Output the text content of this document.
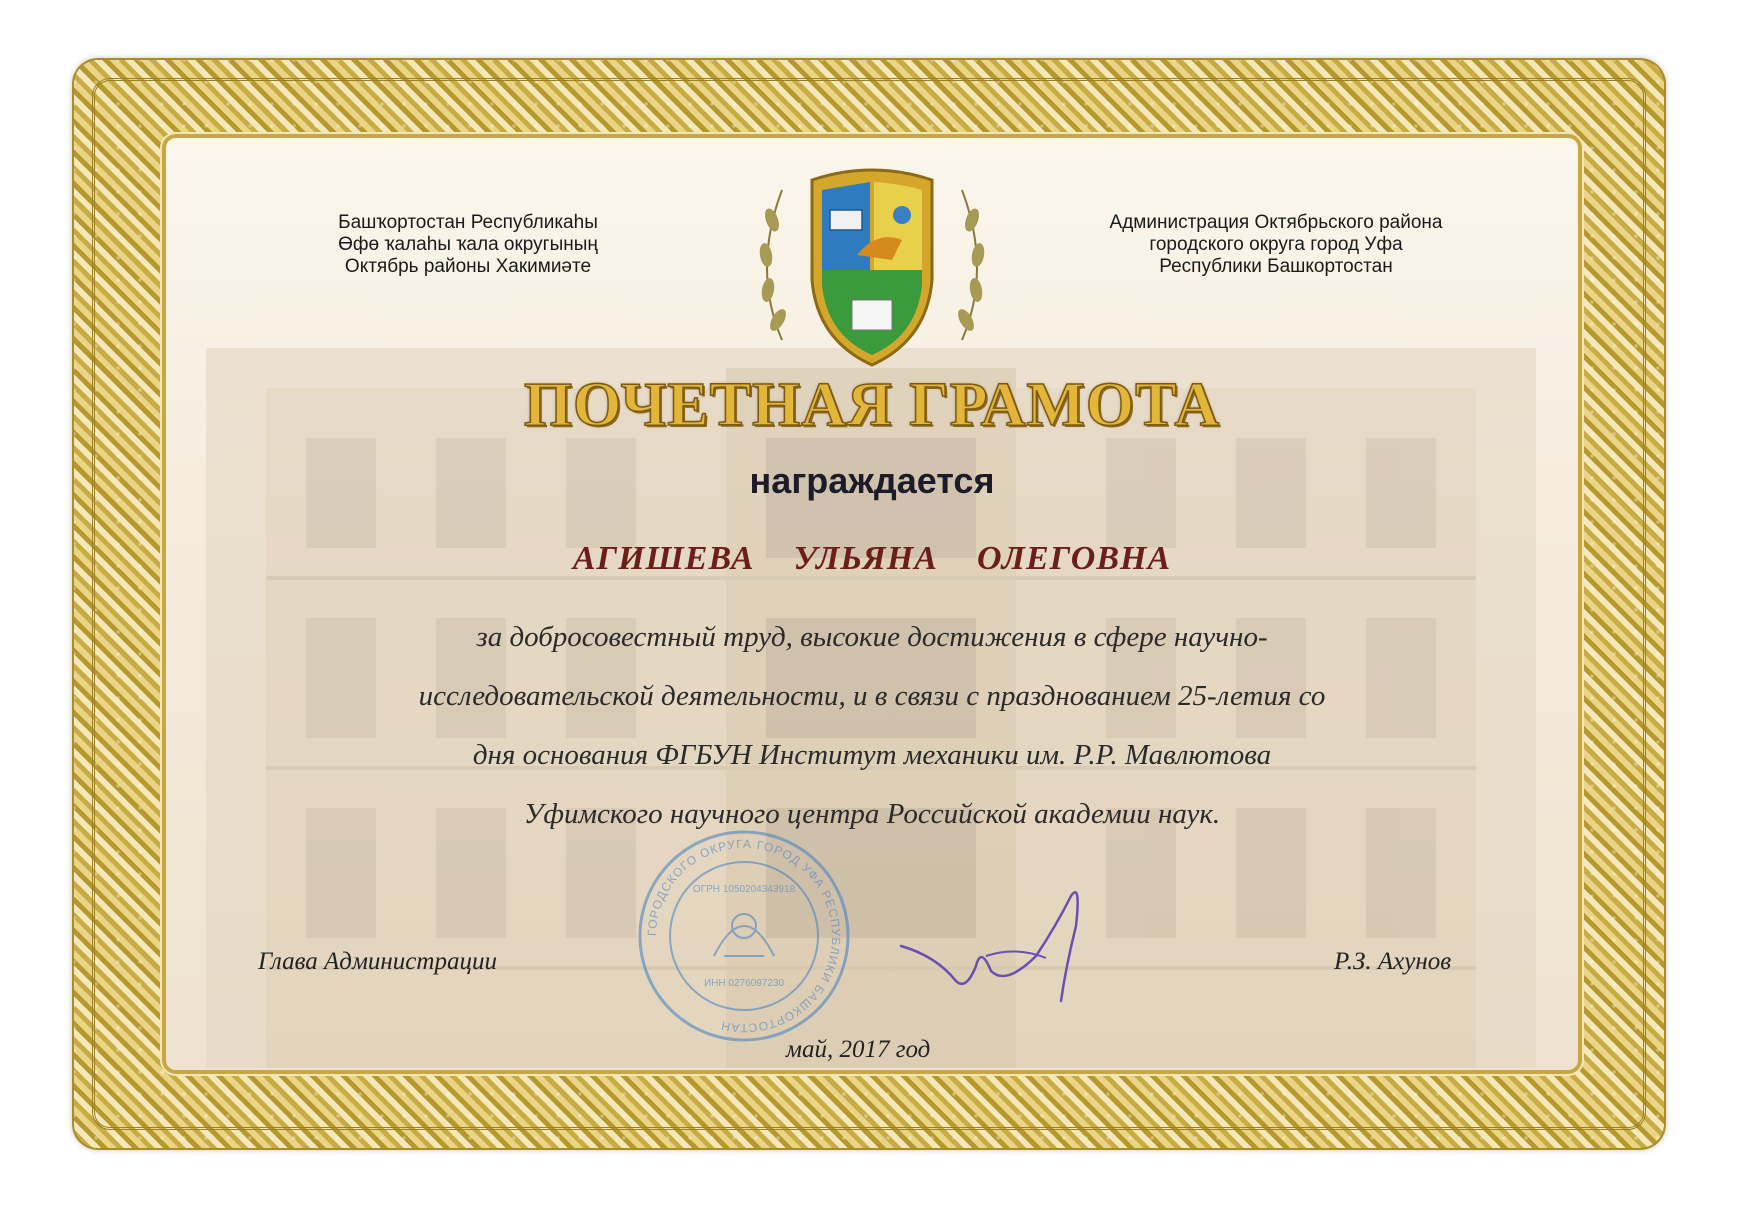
Башҡортостан Республикаһы
Өфө ҡалаһы ҡала округының
Октябрь районы Хакимиәте
Администрация Октябрьского района
городского округа город Уфа
Республики Башкортостан
ПОЧЕТНАЯ ГРАМОТА
награждается
АГИШЕВА  УЛЬЯНА  ОЛЕГОВНА
за добросовестный труд, высокие достижения в сфере научно-
исследовательской деятельности, и в связи с празднованием 25-летия со
дня основания ФГБУН Институт механики им. Р.Р. Мавлютова
Уфимского научного центра Российской академии наук.
ГОРОДСКОГО ОКРУГА ГОРОД УФА РЕСПУБЛИКИ БАШКОРТОСТАН
ОГРН 1050204343918
ИНН 0276097230
Глава Администрации	Р.З. Ахунов
май, 2017 год
